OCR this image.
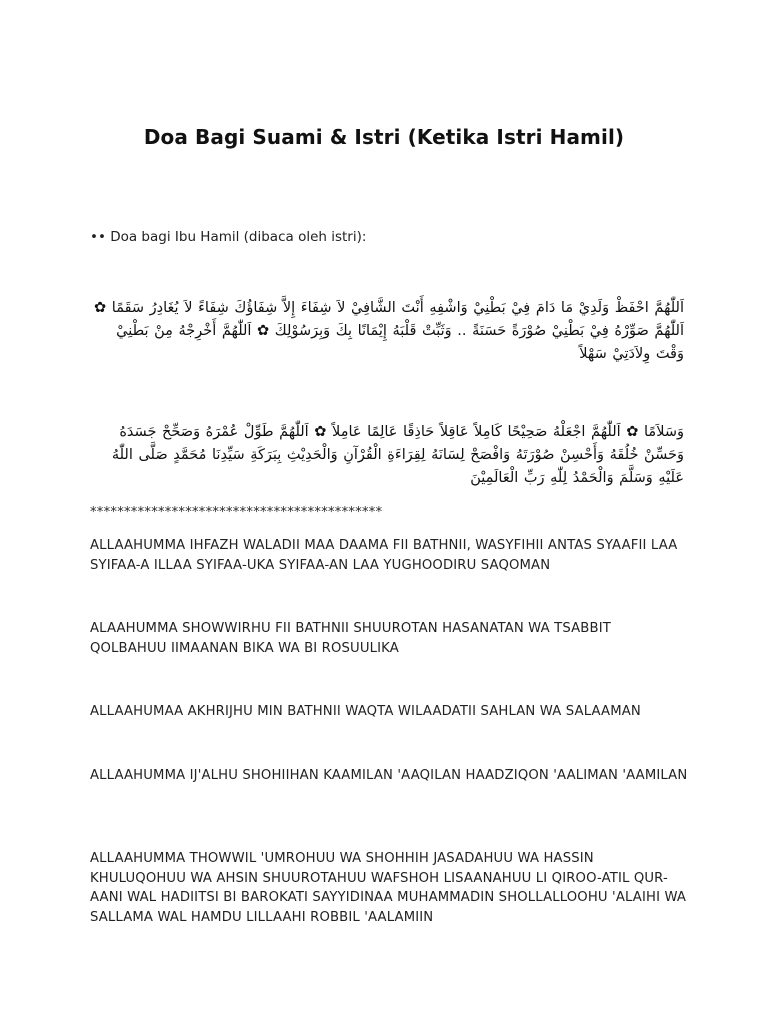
Doa Bagi Suami & Istri (Ketika Istri Hamil)
•• Doa bagi Ibu Hamil (dibaca oleh istri):
اَللّٰهُمَّ احْفَظْ وَلَدِيْ مَا دَامَ فِيْ بَطْنِيْ وَاشْفِهِ أَنْتَ الشَّافِيْ لاَ شِفَاءَ إِلاَّ شِفَاؤُكَ شِفَاءً لاَ يُغَادِرُ سَقَمًا ✿ اَللّٰهُمَّ صَوِّرْهُ فِيْ بَطْنِيْ صُوْرَةً حَسَنَةً .. وَثَبِّتْ قَلْبَهُ إِيْمَانًا بِكَ وَبِرَسُوْلِكَ ✿ اَللّٰهُمَّ أَخْرِجْهُ مِنْ بَطْنِيْ وَقْتَ وِلاَدَتِيْ سَهْلاً
وَسَلاَمًا ✿ اَللّٰهُمَّ اجْعَلْهُ صَحِيْحًا كَامِلاً عَاقِلاً حَاذِقًا عَالِمًا عَامِلاً ✿ اَللّٰهُمَّ طَوِّلْ عُمْرَهُ وَصَحِّحْ جَسَدَهُ وَحَسِّنْ خُلُقَهُ وَأَحْسِنْ صُوْرَتَهُ وَافْصَحْ لِسَانَهُ لِقِرَاءَةِ الْقُرْآنِ وَالْحَدِيْثِ بِبَرَكَةِ سَيِّدِنَا مُحَمَّدٍ صَلَّى اللّٰهُ عَلَيْهِ وَسَلَّمَ وَالْحَمْدُ لِلّٰهِ رَبِّ الْعَالَمِيْنَ
*******************************************
ALLAAHUMMA IHFAZH WALADII MAA DAAMA FII BATHNII, WASYFIHII ANTAS SYAAFII LAA SYIFAA-A ILLAA SYIFAA-UKA SYIFAA-AN LAA YUGHOODIRU SAQOMAN
ALAAHUMMA SHOWWIRHU FII BATHNII SHUUROTAN HASANATAN WA TSABBIT QOLBAHUU IIMAANAN BIKA WA BI ROSUULIKA
ALLAAHUMAA AKHRIJHU MIN BATHNII WAQTA WILAADATII SAHLAN WA SALAAMAN
ALLAAHUMMA IJ'ALHU SHOHIIHAN KAAMILAN 'AAQILAN HAADZIQON 'AALIMAN 'AAMILAN
ALLAAHUMMA THOWWIL 'UMROHUU WA SHOHHIH JASADAHUU WA HASSIN KHULUQOHUU WA AHSIN SHUUROTAHUU WAFSHOH LISAANAHUU LI QIROO-ATIL QUR-AANI WAL HADIITSI BI BAROKATI SAYYIDINAA MUHAMMADIN SHOLLALLOOHU 'ALAIHI WA SALLAMA WAL HAMDU LILLAAHI ROBBIL 'AALAMIIN
